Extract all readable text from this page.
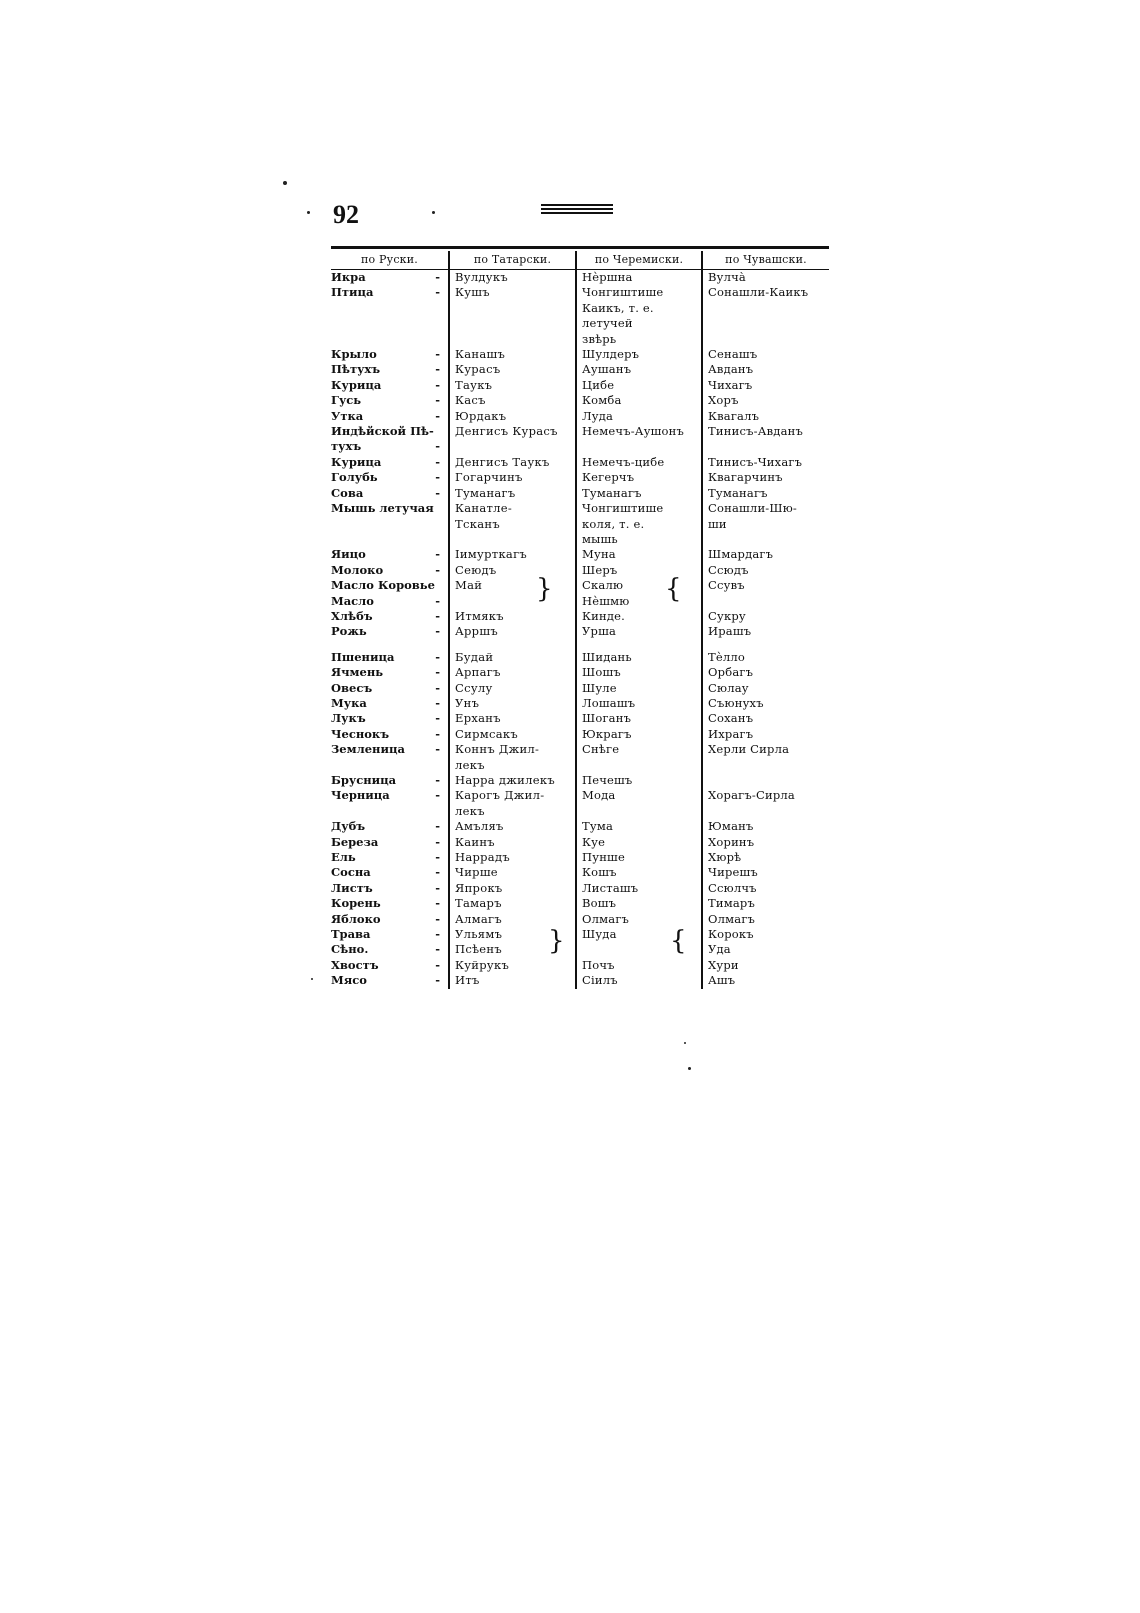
92
по Руски.	по Татарски.	по Черемиски.	по Чувашски.
Икра -	Вулдукъ	Нѐршна	Вулча̀
Птица -	Кушъ	Чонгиштише	Сонашли-Каикъ
		Каикъ, т. е.	
		летучей	
		звѣрь	
Крыло -	Канашъ	Шулдеръ	Сенашъ
Пѣтухъ -	Курасъ	Аушанъ	Авданъ
Курица -	Таукъ	Цибе	Чихагъ
Гусь -	Касъ	Комба	Хоръ
Утка -	Юрдакъ	Луда	Квагалъ
Индѣйской Пѣ-	Денгисъ Курасъ	Немечъ-Аушонъ	Тинисъ-Авданъ
тухъ -			

Курица -	Денгисъ Таукъ	Немечъ-цибе	Тинисъ-Чихагъ
Голубь -	Гогарчинъ	Кегерчъ	Квагарчинъ
Сова -	Туманагъ	Туманагъ	Туманагъ
Мышь летучая	Канатле-	Чонгиштише	Сонашли-Шю-
	Тсканъ	коля, т. е.	ши
		мышь	
Яицо -	Іимурткагъ	Муна	Шмардагъ
Молоко -	Сеюдъ	Шеръ	Ссюдъ
Масло Коровье	Май	Скалю	Ссувъ
Масло -		Нѐшмю	
Хлѣбъ -	Итмякъ	Кинде.	Сукру
Рожь -	Арршъ	Урша	Ирашъ

Пшеница -	Будай	Шидань	Тѐлло
Ячмень -	Арпагъ	Шошъ	Орбагъ
Овесъ -	Ссулу	Шуле	Сюлау
Мука -	Унъ	Лошашъ	Съюнухъ
Лукъ -	Ерханъ	Шоганъ	Соханъ
Чеснокъ -	Сирмсакъ	Юкрагъ	Ихрагъ
Земленица -	Коннъ Джил-	Снѣге	Херли Сирла
	лекъ		
Брусница -	Нарра джилекъ	Печешъ	
Черница -	Карогъ Джил-	Мода	Хорагъ-Сирла
	лекъ		
Дубъ -	Амъляъ	Тума	Юманъ
Береза -	Каинъ	Куе	Хоринъ
Ель -	Наррадъ	Пунше	Хюрѣ
Сосна -	Чирше	Кошъ	Чирешъ
Листъ -	Япрокъ	Листашъ	Ссюлчъ
Корень -	Тамаръ	Вошъ	Тимаръ
Яблоко -	Алмагъ	Олмагъ	Олмагъ
Трава -	Ульямъ	Шуда	Корокъ
Сѣно. -	Псѣенъ		Уда
Хвостъ -	Куйрукъ	Почъ	Хури
Мясо -	Итъ	Сіилъ	Ашъ
}	{
}	{
